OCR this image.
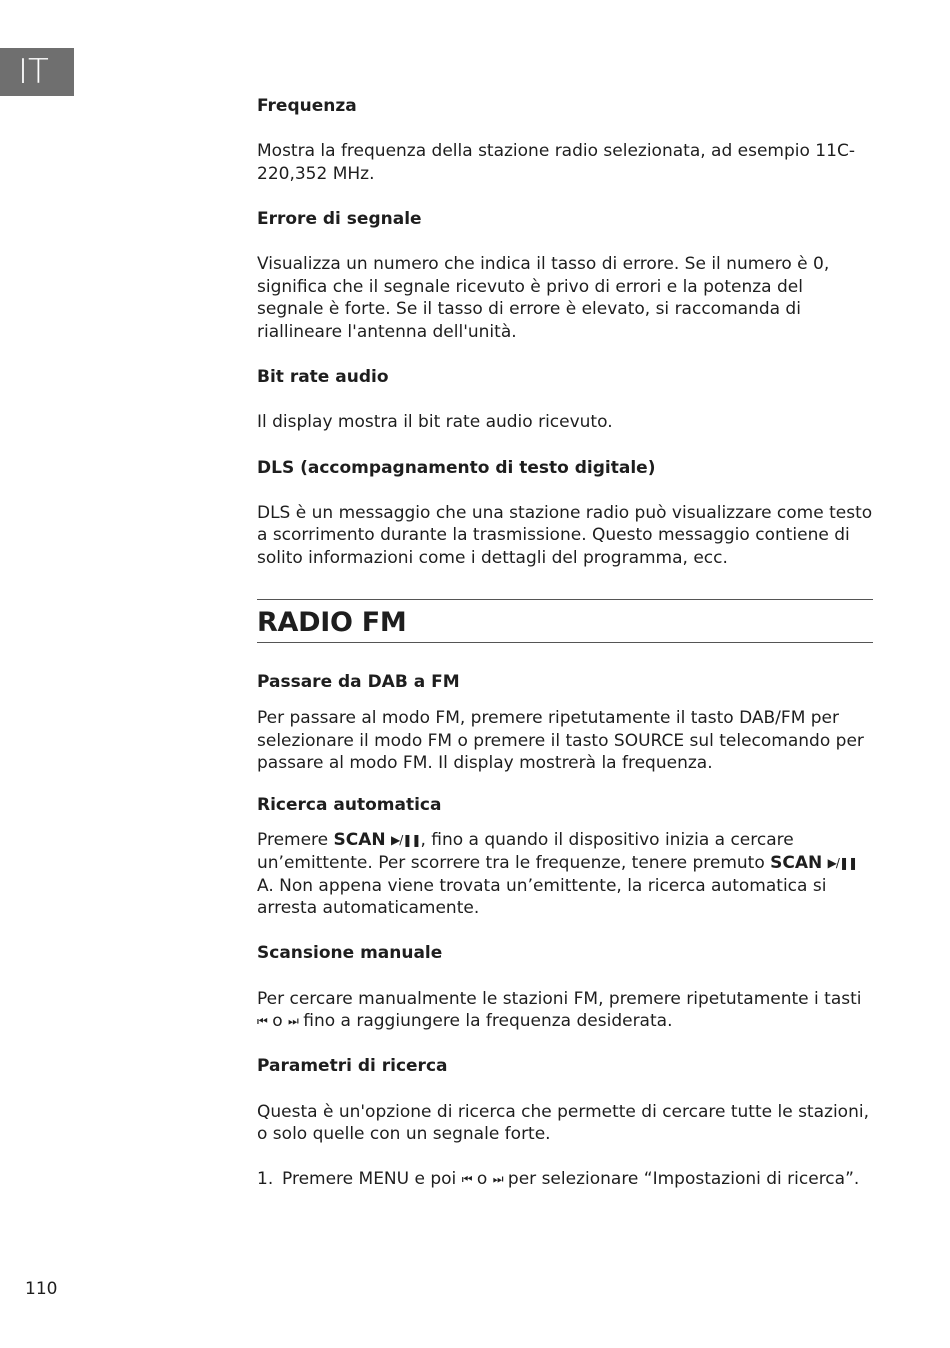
IT
Frequenza
Mostra la frequenza della stazione radio selezionata, ad esempio 11C-220,352 MHz.
Errore di segnale
Visualizza un numero che indica il tasso di errore. Se il numero è 0, significa che il segnale ricevuto è privo di errori e la potenza del segnale è forte. Se il tasso di errore è elevato, si raccomanda di riallineare l'antenna dell'unità.
Bit rate audio
Il display mostra il bit rate audio ricevuto.
DLS (accompagnamento di testo digitale)
DLS è un messaggio che una stazione radio può visualizzare come testo a scorrimento durante la trasmissione. Questo messaggio contiene di solito informazioni come i dettagli del programma, ecc.
RADIO FM
Passare da DAB a FM
Per passare al modo FM, premere ripetutamente il tasto DAB/FM per selezionare il modo FM o premere il tasto SOURCE sul telecomando per passare al modo FM. Il display mostrerà la frequenza.
Ricerca automatica
Premere SCAN ▶/❚❚, fino a quando il dispositivo inizia a cercare un’emittente. Per scorrere tra le frequenze, tenere premuto SCAN ▶/❚❚ A. Non appena viene trovata un’emittente, la ricerca automatica si arresta automaticamente.
Scansione manuale
Per cercare manualmente le stazioni FM, premere ripetutamente i tasti ⏮ o ⏭ fino a raggiungere la frequenza desiderata.
Parametri di ricerca
Questa è un'opzione di ricerca che permette di cercare tutte le stazioni, o solo quelle con un segnale forte.
1. Premere MENU e poi ⏮ o ⏭ per selezionare “Impostazioni di ricerca”.
110
